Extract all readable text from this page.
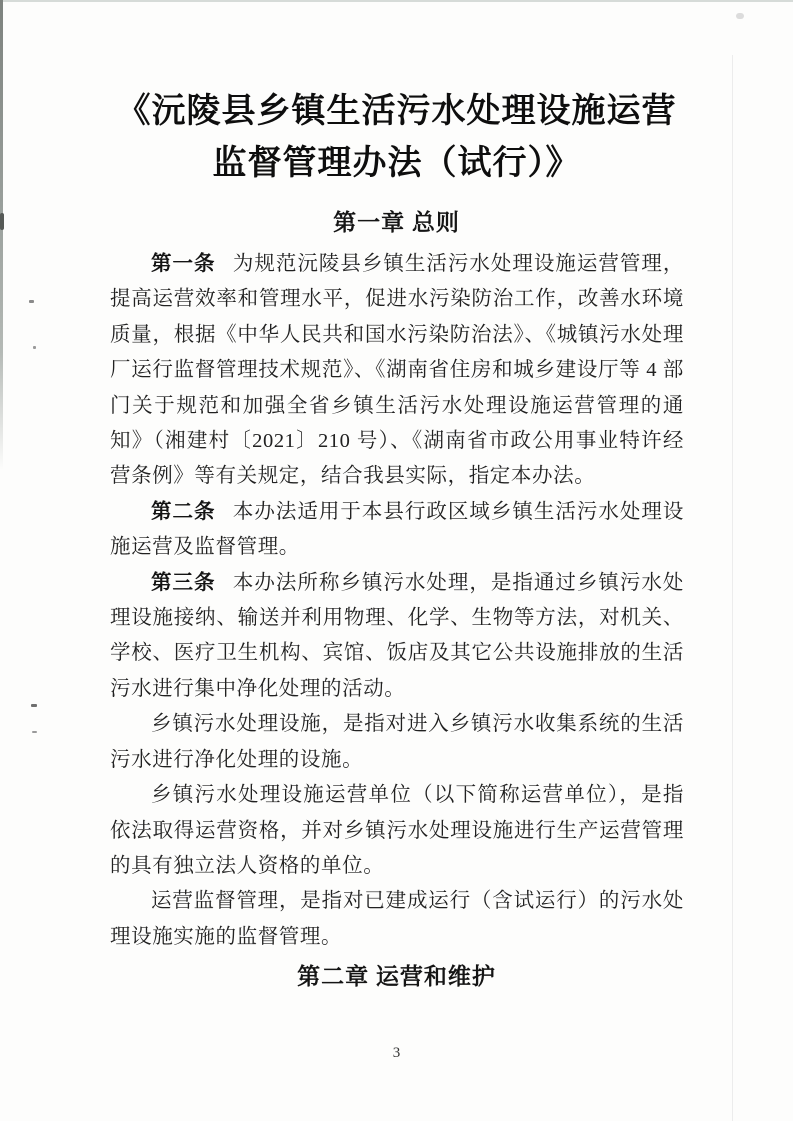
《沅陵县乡镇生活污水处理设施运营监督管理办法（试行）》
第一章 总则

第一条 为规范沅陵县乡镇生活污水处理设施运营管理，提高运营效率和管理水平，促进水污染防治工作，改善水环境质量，根据《中华人民共和国水污染防治法》、《城镇污水处理厂运行监督管理技术规范》、《湖南省住房和城乡建设厅等 4 部门关于规范和加强全省乡镇生活污水处理设施运营管理的通知》（湘建村〔2021〕210 号）、《湖南省市政公用事业特许经营条例》等有关规定，结合我县实际，指定本办法。

第二条 本办法适用于本县行政区域乡镇生活污水处理设施运营及监督管理。

第三条 本办法所称乡镇污水处理，是指通过乡镇污水处理设施接纳、输送并利用物理、化学、生物等方法，对机关、学校、医疗卫生机构、宾馆、饭店及其它公共设施排放的生活污水进行集中净化处理的活动。

乡镇污水处理设施，是指对进入乡镇污水收集系统的生活污水进行净化处理的设施。

乡镇污水处理设施运营单位（以下简称运营单位），是指依法取得运营资格，并对乡镇污水处理设施进行生产运营管理的具有独立法人资格的单位。

运营监督管理，是指对已建成运行（含试运行）的污水处理设施实施的监督管理。

第二章 运营和维护
3
